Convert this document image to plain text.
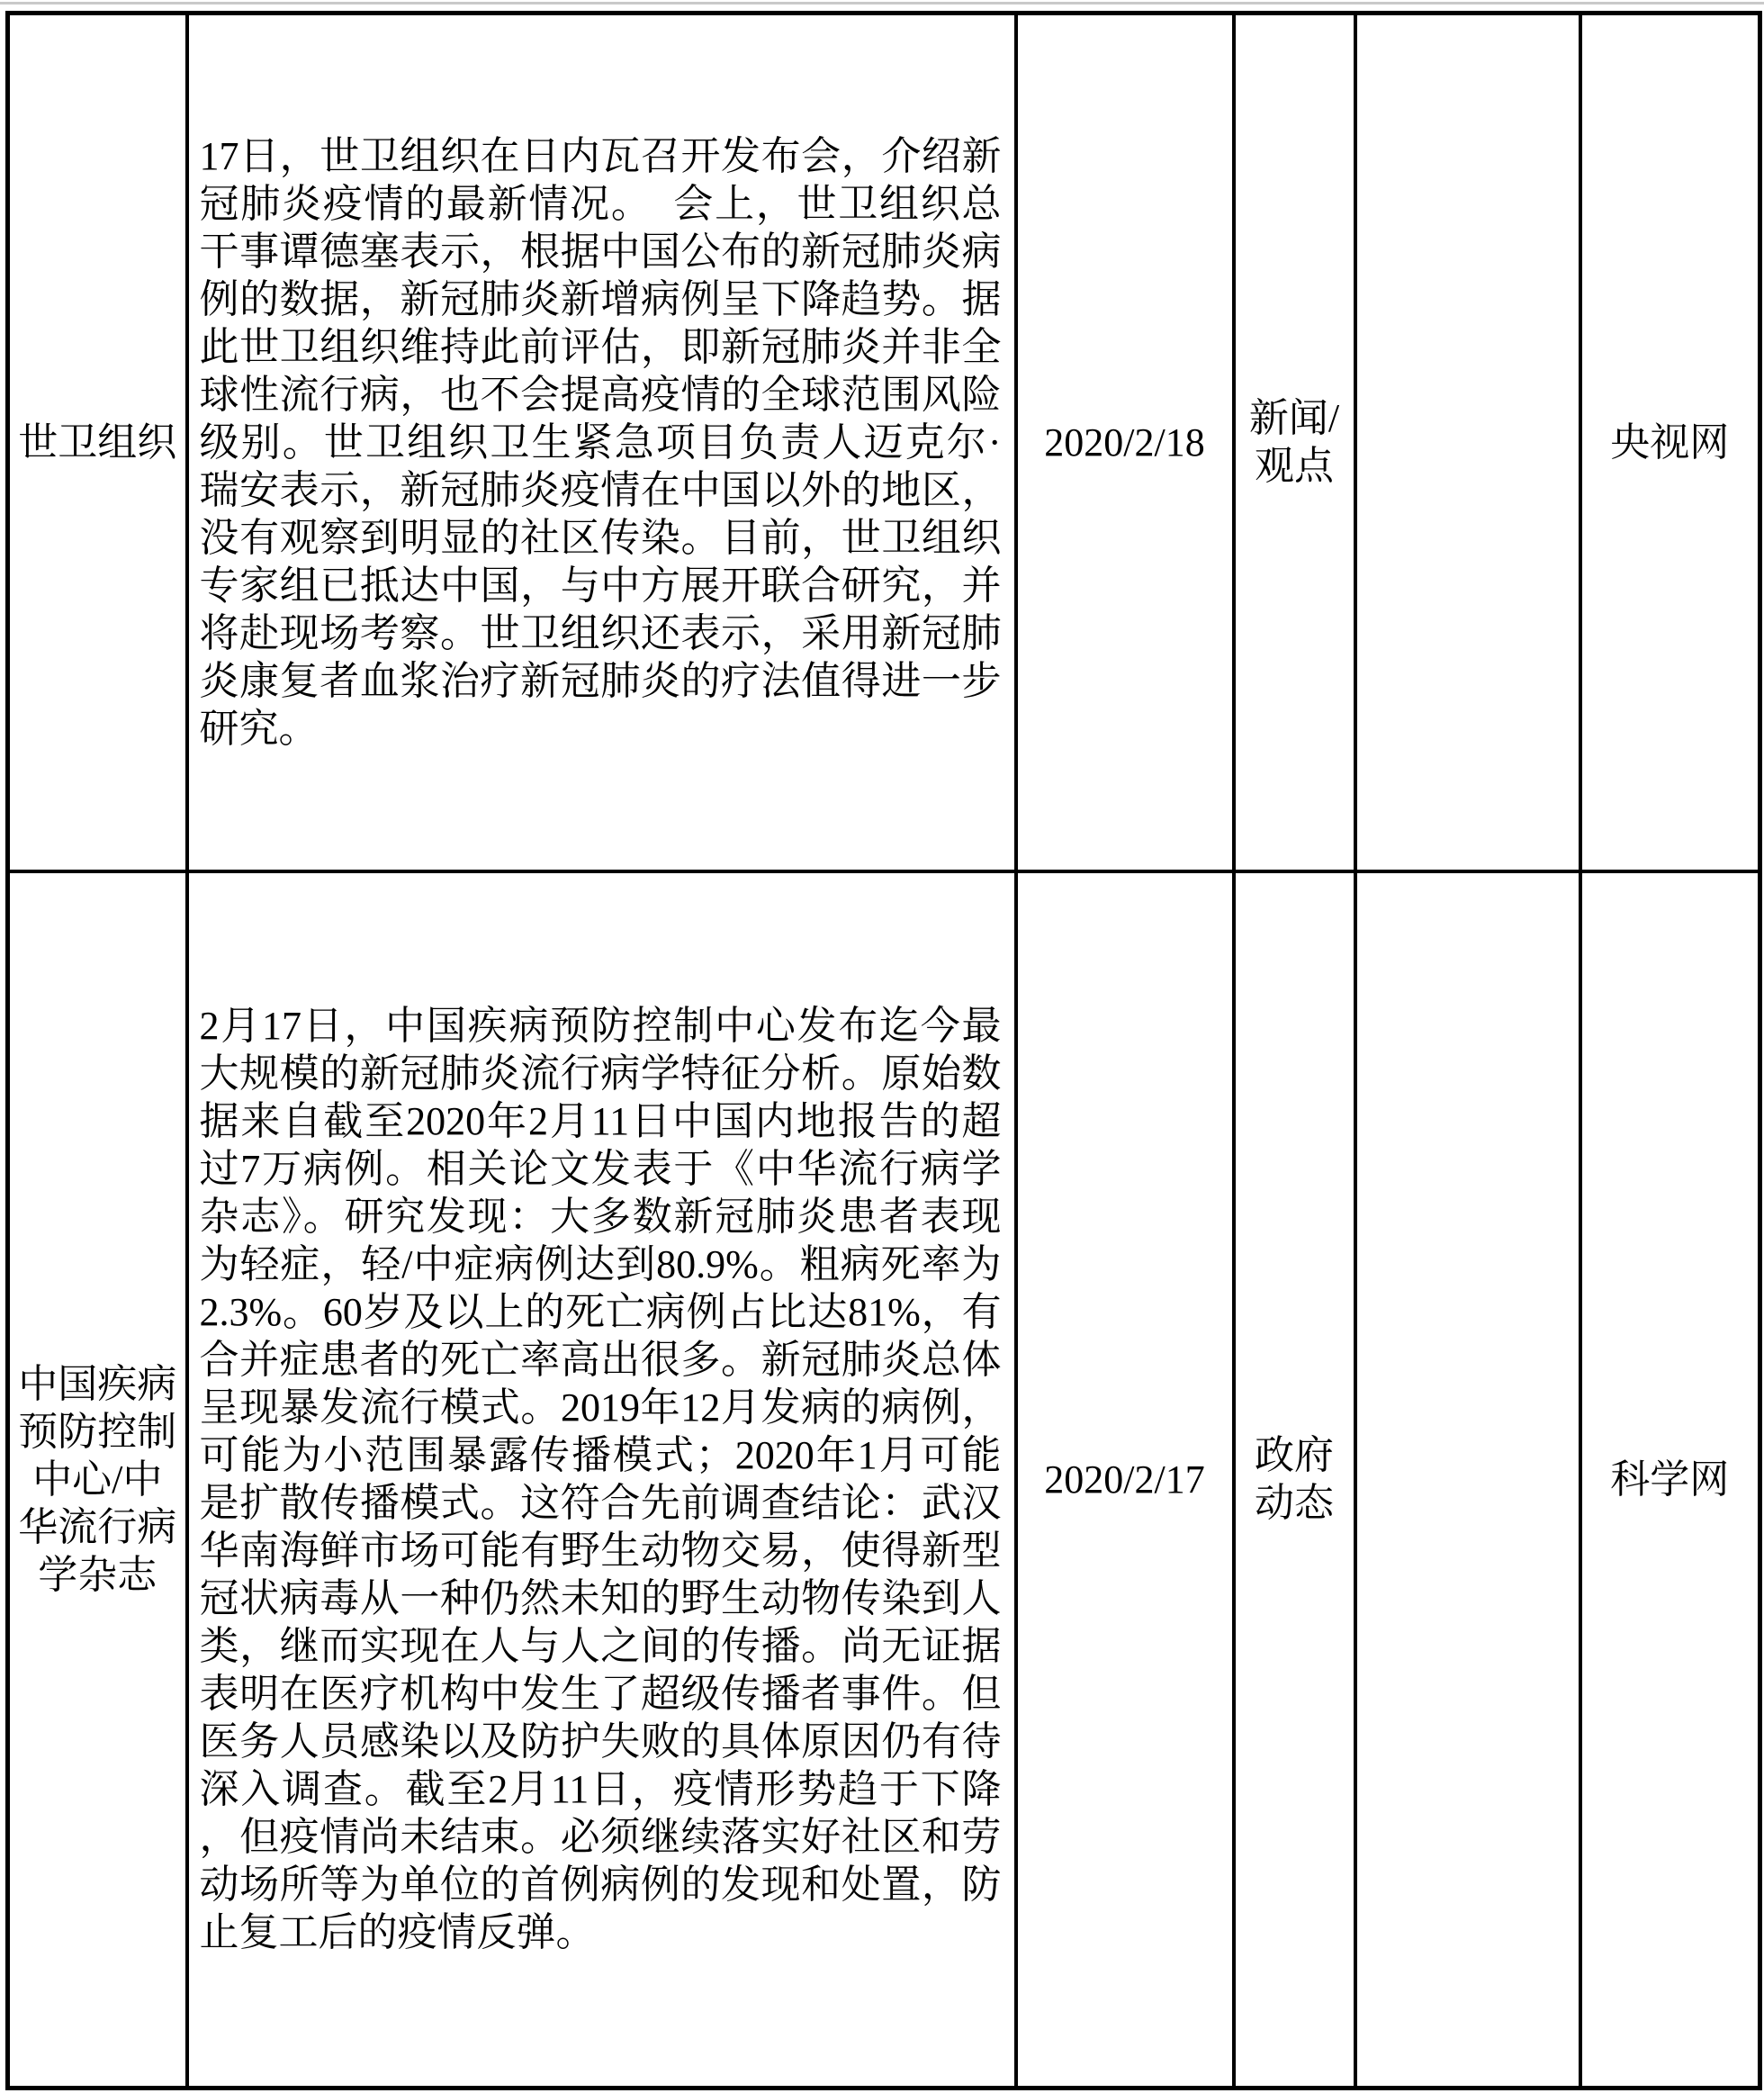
世卫组织	17日，世卫组织在日内瓦召开发布会，介绍新冠肺炎疫情的最新情况。　会上，世卫组织总干事谭德塞表示，根据中国公布的新冠肺炎病例的数据，新冠肺炎新增病例呈下降趋势。据此世卫组织维持此前评估，即新冠肺炎并非全球性流行病，也不会提高疫情的全球范围风险级别。世卫组织卫生紧急项目负责人迈克尔·瑞安表示，新冠肺炎疫情在中国以外的地区，没有观察到明显的社区传染。目前，世卫组织专家组已抵达中国，与中方展开联合研究，并将赴现场考察。世卫组织还表示，采用新冠肺炎康复者血浆治疗新冠肺炎的疗法值得进一步研究。	2020/2/18	新闻/观点		央视网
中国疾病预防控制中心/中华流行病学杂志	2月17日，中国疾病预防控制中心发布迄今最大规模的新冠肺炎流行病学特征分析。原始数据来自截至2020年2月11日中国内地报告的超过7万病例。相关论文发表于《中华流行病学杂志》。研究发现：大多数新冠肺炎患者表现为轻症，轻/中症病例达到80.9%。粗病死率为2.3%。60岁及以上的死亡病例占比达81%，有合并症患者的死亡率高出很多。新冠肺炎总体呈现暴发流行模式。2019年12月发病的病例，可能为小范围暴露传播模式；2020年1月可能是扩散传播模式。这符合先前调查结论：武汉华南海鲜市场可能有野生动物交易，使得新型冠状病毒从一种仍然未知的野生动物传染到人类，继而实现在人与人之间的传播。尚无证据表明在医疗机构中发生了超级传播者事件。但医务人员感染以及防护失败的具体原因仍有待深入调查。截至2月11日，疫情形势趋于下降，但疫情尚未结束。必须继续落实好社区和劳动场所等为单位的首例病例的发现和处置，防止复工后的疫情反弹。	2020/2/17	政府动态		科学网
